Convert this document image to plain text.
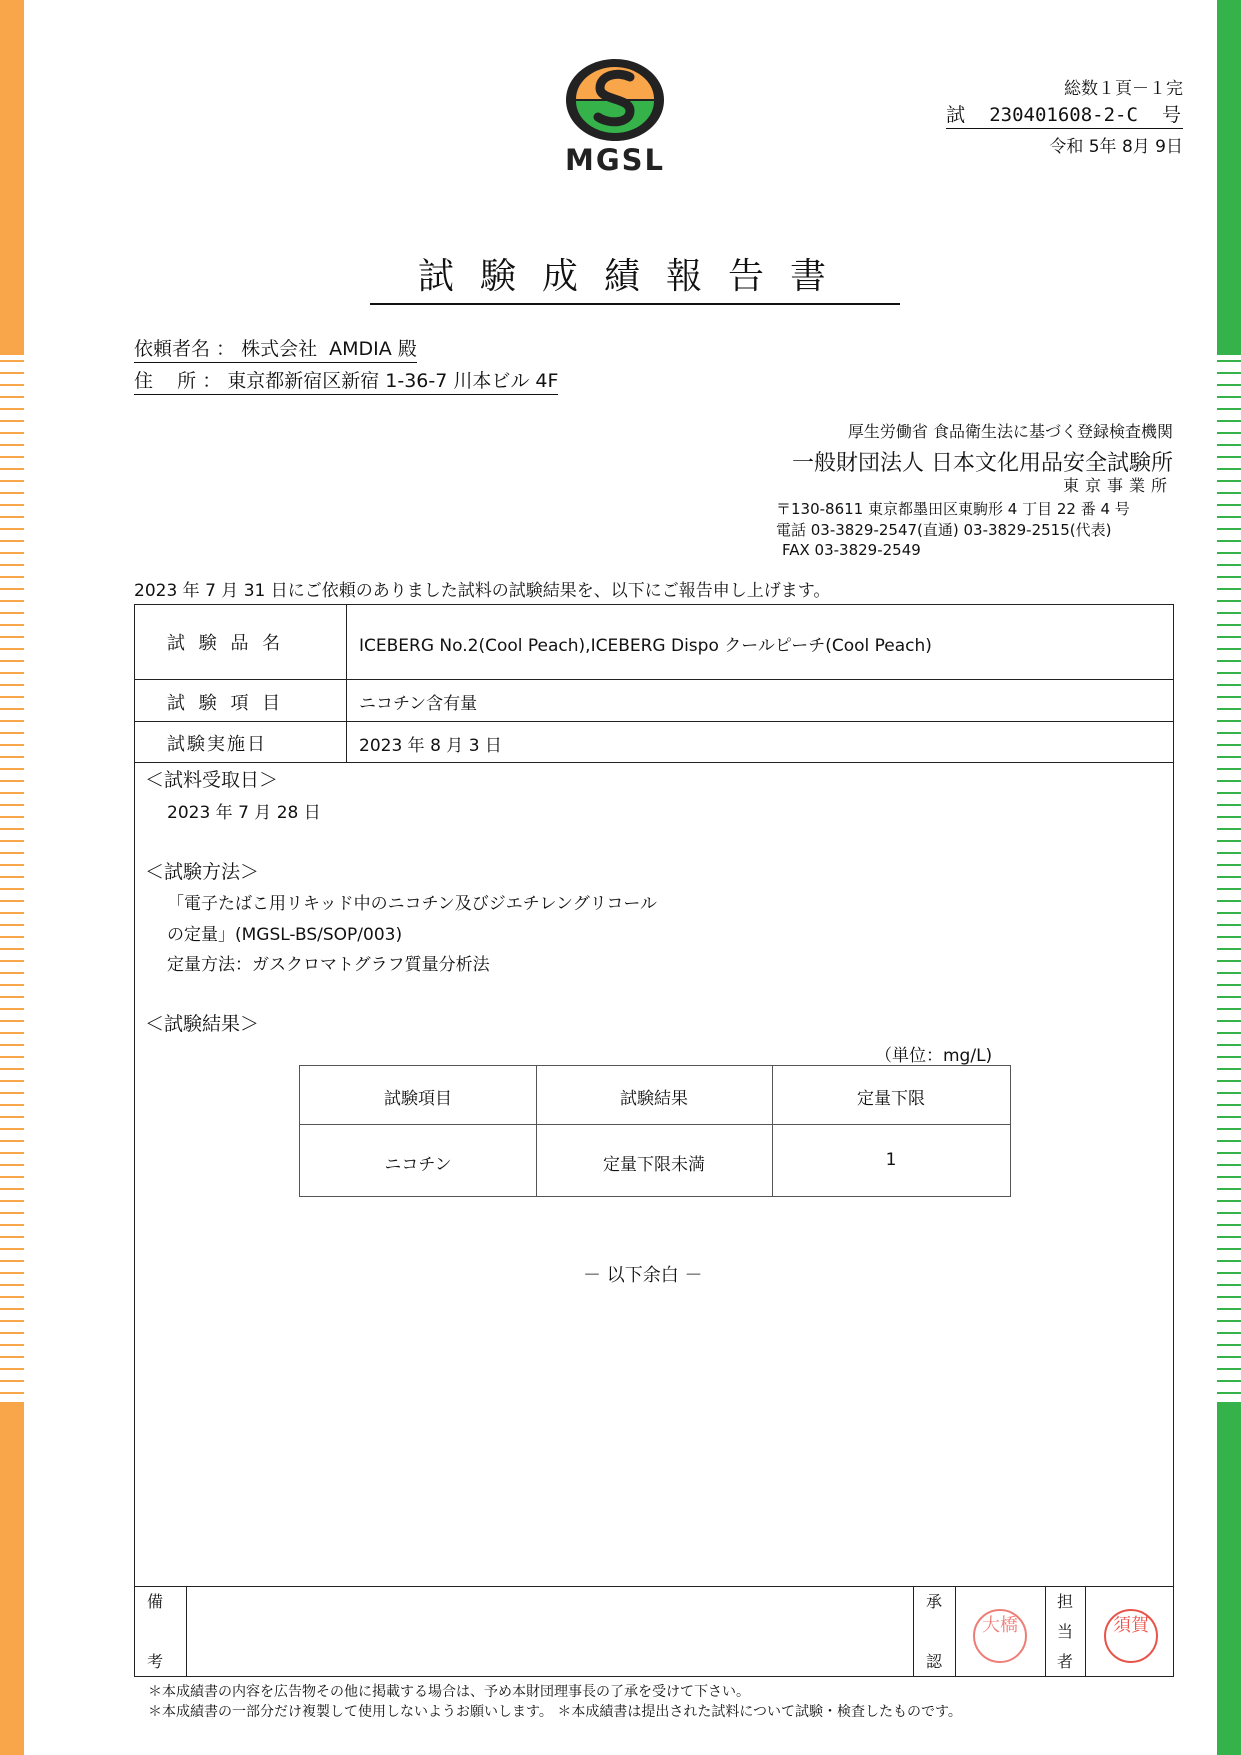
MGSL
総数１頁－１完
試 230401608-2-C 号
令和 5年 8月 9日
試験成績報告書
依頼者名 ： 株式会社  AMDIA 殿
住    所 ： 東京都新宿区新宿 1-36-7 川本ビル 4F
厚生労働省 食品衛生法に基づく登録検査機関
一般財団法人 日本文化用品安全試験所
東京事業所
〒130-8611 東京都墨田区東駒形 4 丁目 22 番 4 号
電話 03-3829-2547(直通) 03-3829-2515(代表)
FAX 03-3829-2549
2023 年 7 月 31 日にご依頼のありました試料の試験結果を、以下にご報告申し上げます。
試 験 品 名	ICEBERG No.2(Cool Peach),ICEBERG Dispo クールピーチ(Cool Peach)
試 験 項 目	ニコチン含有量
試験実施日	2023 年 8 月 3 日
＜試料受取日＞
2023 年 7 月 28 日
＜試験方法＞
「電子たばこ用リキッド中のニコチン及びジエチレングリコール
の定量」(MGSL-BS/SOP/003)
定量方法：ガスクロマトグラフ質量分析法
＜試験結果＞
（単位：mg/L)
試験項目	試験結果	定量下限
ニコチン	定量下限未満	1
－ 以下余白 －
備
考
承
認
担
当
者
大橋	須賀
＊本成績書の内容を広告物その他に掲載する場合は、予め本財団理事長の了承を受けて下さい。
＊本成績書の一部分だけ複製して使用しないようお願いします。 ＊本成績書は提出された試料について試験・検査したものです。
